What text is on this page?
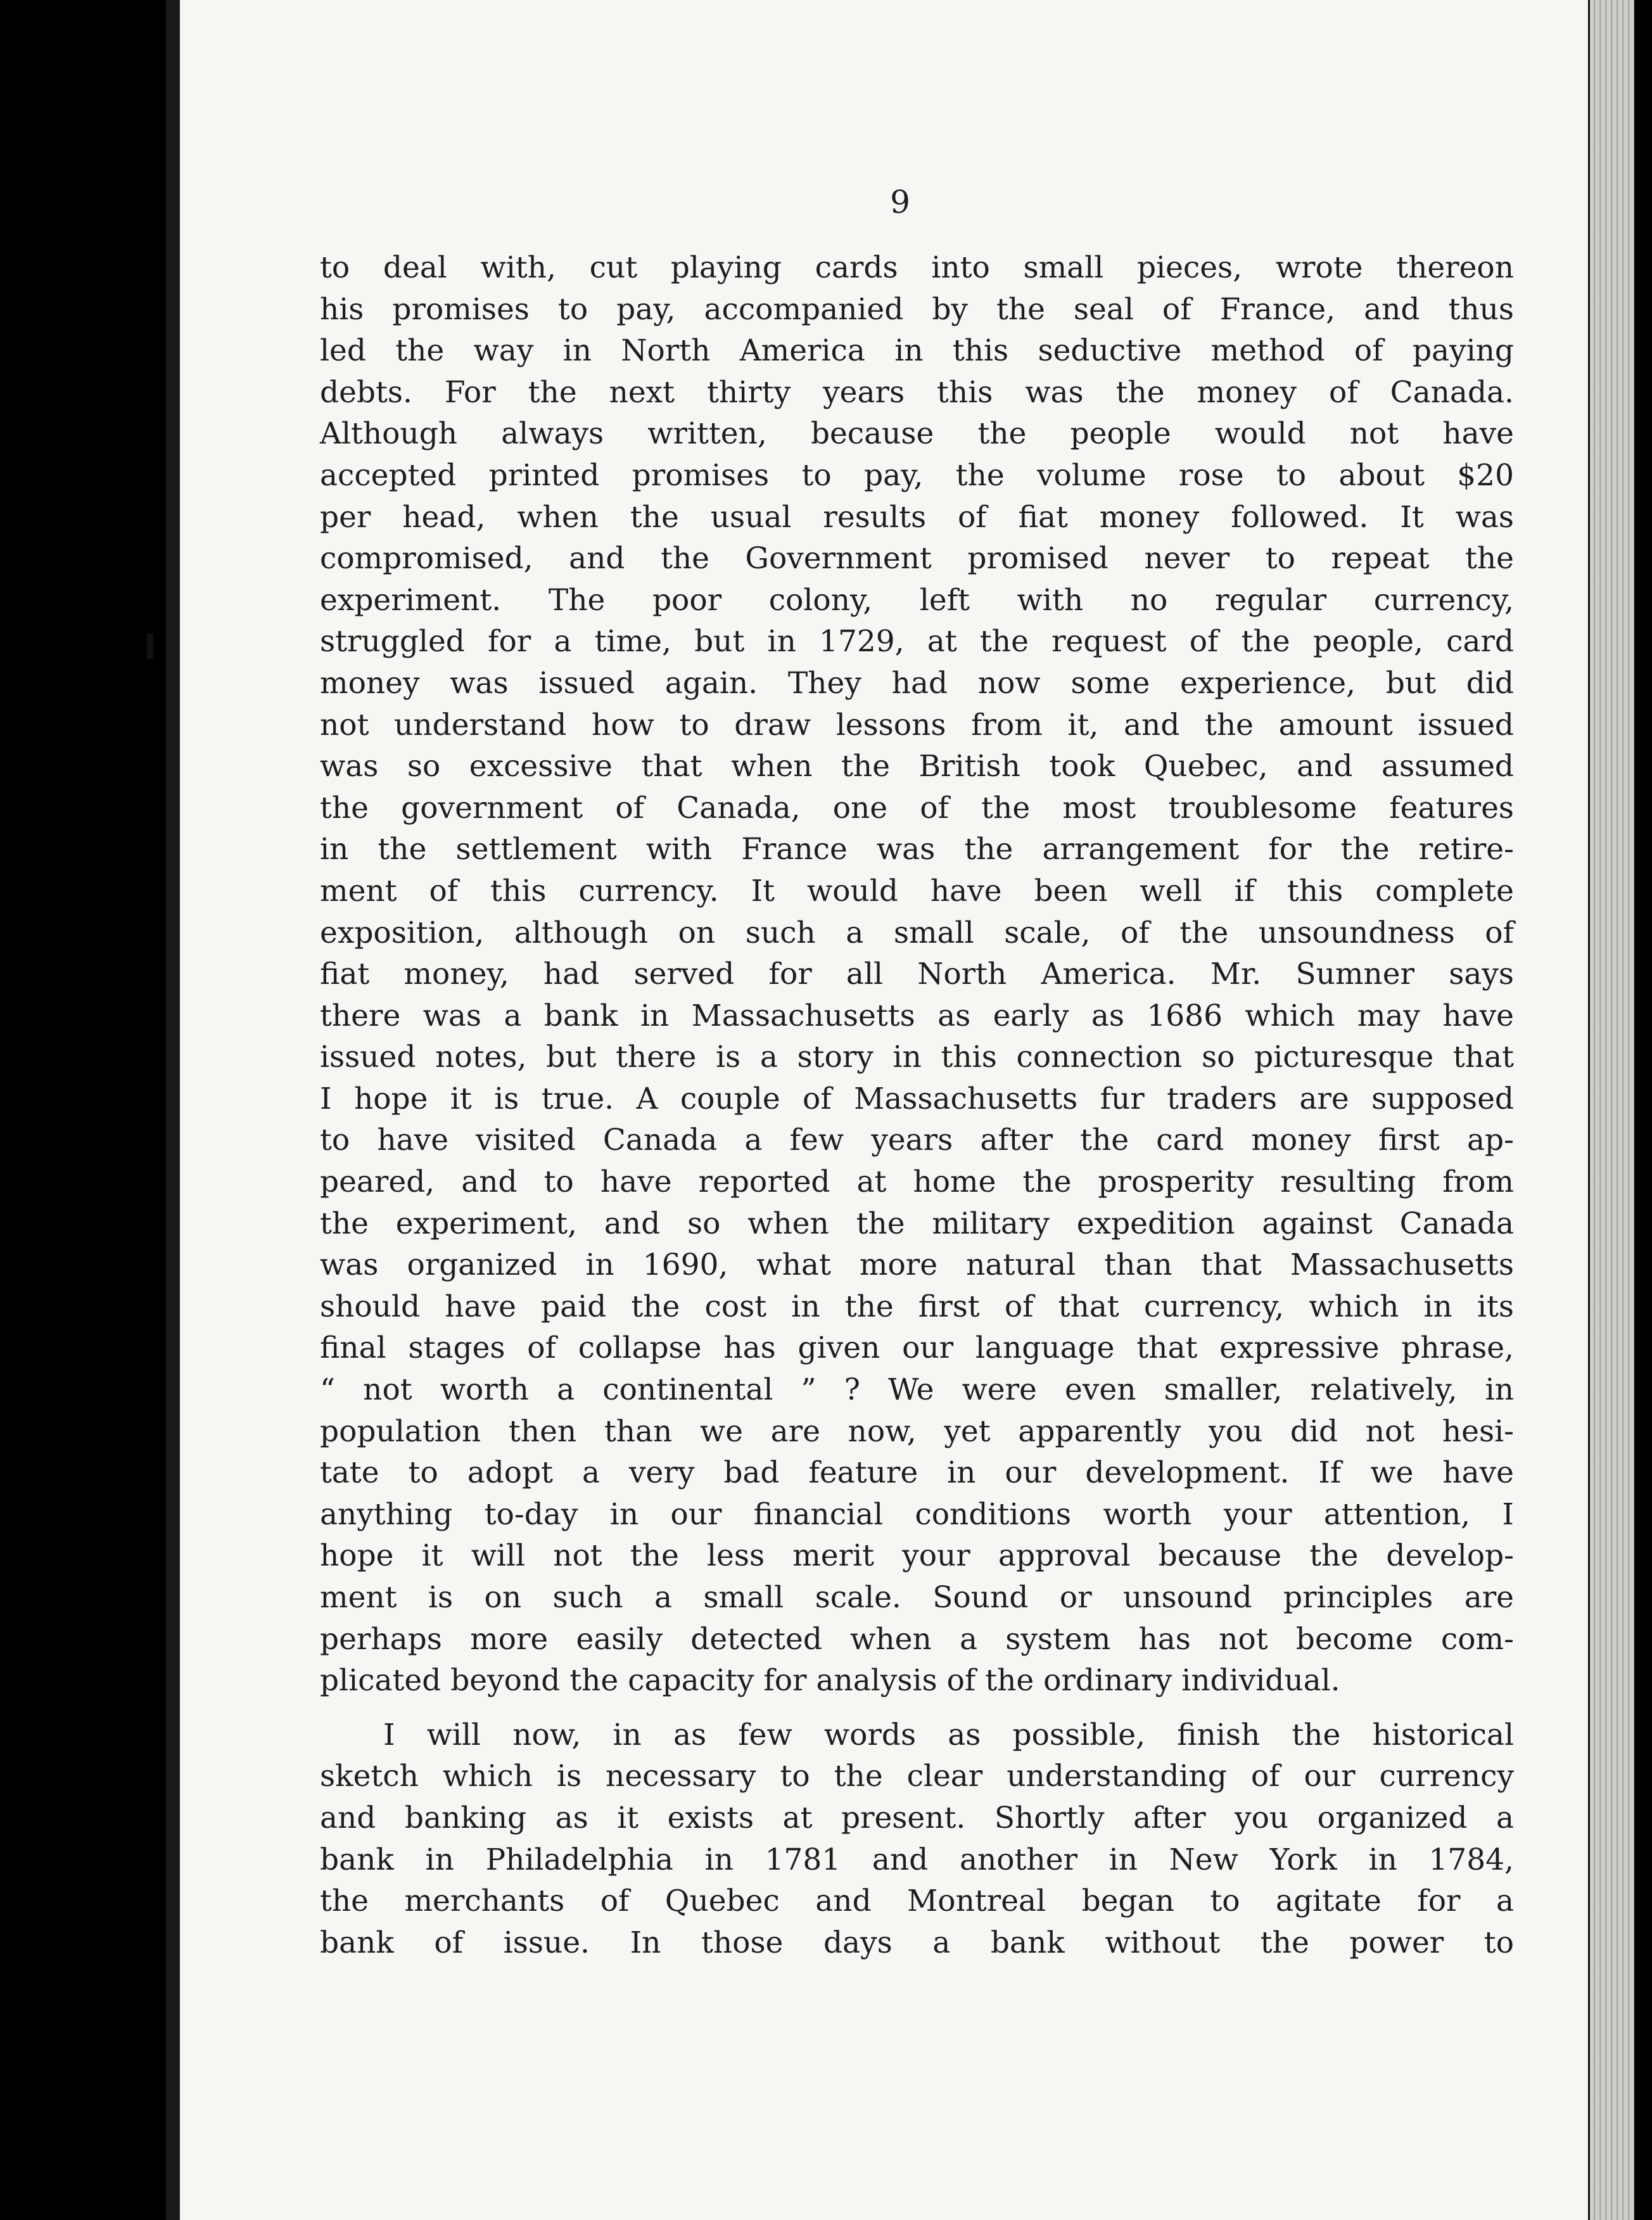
9
to deal with, cut playing cards into small pieces, wrote thereon
his promises to pay, accompanied by the seal of France, and thus
led the way in North America in this seductive method of paying
debts. For the next thirty years this was the money of Canada.
Although always written, because the people would not have
accepted printed promises to pay, the volume rose to about $20
per head, when the usual results of fiat money followed. It was
compromised, and the Government promised never to repeat the
experiment. The poor colony, left with no regular currency,
struggled for a time, but in 1729, at the request of the people, card
money was issued again. They had now some experience, but did
not understand how to draw lessons from it, and the amount issued
was so excessive that when the British took Quebec, and assumed
the government of Canada, one of the most troublesome features
in the settlement with France was the arrangement for the retire-
ment of this currency. It would have been well if this complete
exposition, although on such a small scale, of the unsoundness of
fiat money, had served for all North America. Mr. Sumner says
there was a bank in Massachusetts as early as 1686 which may have
issued notes, but there is a story in this connection so picturesque that
I hope it is true. A couple of Massachusetts fur traders are supposed
to have visited Canada a few years after the card money first ap-
peared, and to have reported at home the prosperity resulting from
the experiment, and so when the military expedition against Canada
was organized in 1690, what more natural than that Massachusetts
should have paid the cost in the first of that currency, which in its
final stages of collapse has given our language that expressive phrase,
“ not worth a continental ” ? We were even smaller, relatively, in
population then than we are now, yet apparently you did not hesi-
tate to adopt a very bad feature in our development. If we have
anything to-day in our financial conditions worth your attention, I
hope it will not the less merit your approval because the develop-
ment is on such a small scale. Sound or unsound principles are
perhaps more easily detected when a system has not become com-
plicated beyond the capacity for analysis of the ordinary individual.
I will now, in as few words as possible, finish the historical
sketch which is necessary to the clear understanding of our currency
and banking as it exists at present. Shortly after you organized a
bank in Philadelphia in 1781 and another in New York in 1784,
the merchants of Quebec and Montreal began to agitate for a
bank of issue. In those days a bank without the power to
